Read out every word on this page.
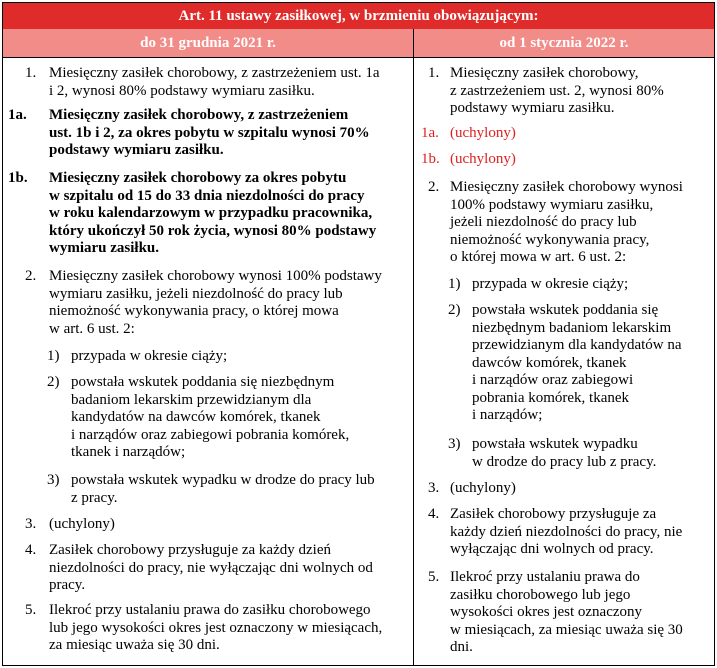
Art. 11 ustawy zasiłkowej, w brzmieniu obowiązującym:
do 31 grudnia 2021 r.	od 1 stycznia 2022 r.

1. Miesięczny zasiłek chorobowy, z zastrzeżeniem ust. 1a
i 2, wynosi 80% podstawy wymiaru zasiłku.

1a. Miesięczny zasiłek chorobowy, z zastrzeżeniem
ust. 1b i 2, za okres pobytu w szpitalu wynosi 70%
podstawy wymiaru zasiłku.

1b. Miesięczny zasiłek chorobowy za okres pobytu
w szpitalu od 15 do 33 dnia niezdolności do pracy
w roku kalendarzowym w przypadku pracownika,
który ukończył 50 rok życia, wynosi 80% podstawy
wymiaru zasiłku.

2. Miesięczny zasiłek chorobowy wynosi 100% podstawy
wymiaru zasiłku, jeżeli niezdolność do pracy lub
niemożność wykonywania pracy, o której mowa
w art. 6 ust. 2:

1) przypada w okresie ciąży;

2) powstała wskutek poddania się niezbędnym
badaniom lekarskim przewidzianym dla
kandydatów na dawców komórek, tkanek
i narządów oraz zabiegowi pobrania komórek,
tkanek i narządów;

3) powstała wskutek wypadku w drodze do pracy lub
z pracy.

3. (uchylony)

4. Zasiłek chorobowy przysługuje za każdy dzień
niezdolności do pracy, nie wyłączając dni wolnych od
pracy.

5. Ilekroć przy ustalaniu prawa do zasiłku chorobowego
lub jego wysokości okres jest oznaczony w miesiącach,
za miesiąc uważa się 30 dni.

1. Miesięczny zasiłek chorobowy,
z zastrzeżeniem ust. 2, wynosi 80%
podstawy wymiaru zasiłku.

1a. (uchylony)

1b. (uchylony)

2. Miesięczny zasiłek chorobowy wynosi
100% podstawy wymiaru zasiłku,
jeżeli niezdolność do pracy lub
niemożność wykonywania pracy,
o której mowa w art. 6 ust. 2:

1) przypada w okresie ciąży;

2) powstała wskutek poddania się
niezbędnym badaniom lekarskim
przewidzianym dla kandydatów na
dawców komórek, tkanek
i narządów oraz zabiegowi
pobrania komórek, tkanek
i narządów;

3) powstała wskutek wypadku
w drodze do pracy lub z pracy.

3. (uchylony)

4. Zasiłek chorobowy przysługuje za
każdy dzień niezdolności do pracy, nie
wyłączając dni wolnych od pracy.

5. Ilekroć przy ustalaniu prawa do
zasiłku chorobowego lub jego
wysokości okres jest oznaczony
w miesiącach, za miesiąc uważa się 30
dni.
